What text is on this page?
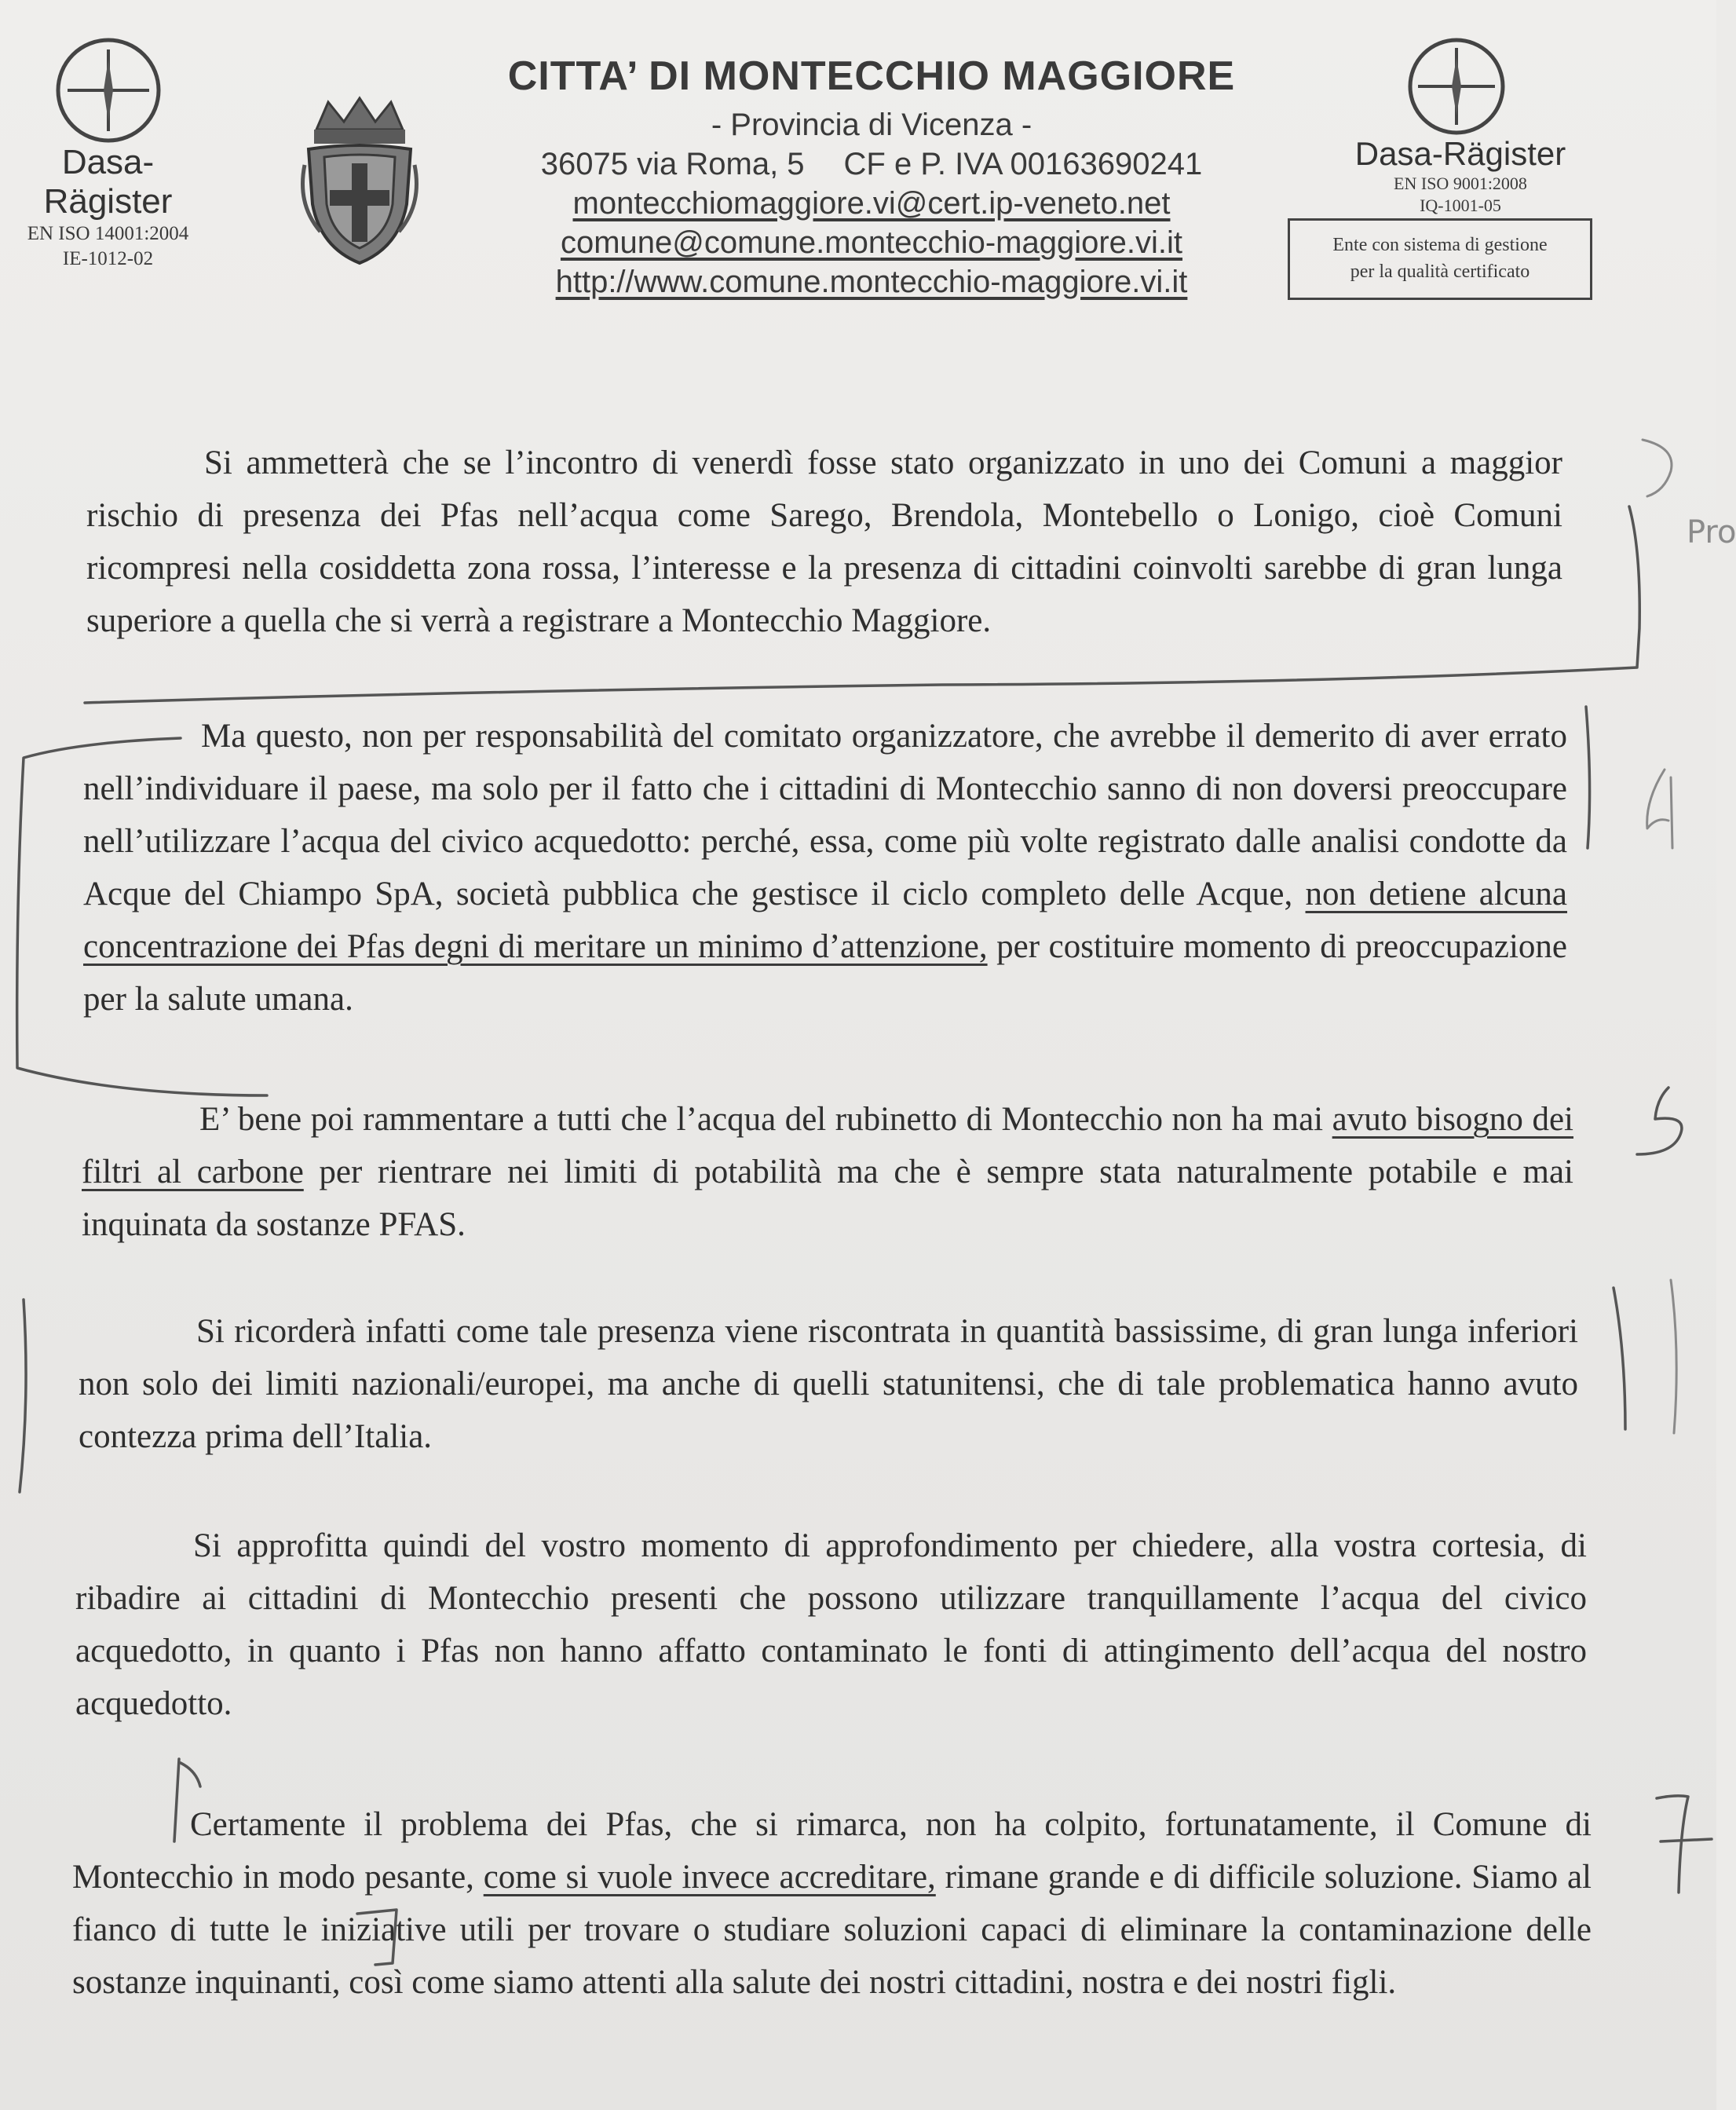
Dasa-Rägister
EN ISO 14001:2004
IE-1012-02
CITTA’ DI MONTECCHIO MAGGIORE
- Provincia di Vicenza -
36075 via Roma, 5 CF e P. IVA 00163690241
montecchiomaggiore.vi@cert.ip-veneto.net
comune@comune.montecchio-maggiore.vi.it
http://www.comune.montecchio-maggiore.vi.it
Dasa-Rägister
EN ISO 9001:2008
IQ-1001-05
Ente con sistema di gestione
per la qualità certificato

Si ammetterà che se l’incontro di venerdì fosse stato organizzato in uno dei Comuni a maggior rischio di presenza dei Pfas nell’acqua come Sarego, Brendola, Montebello o Lonigo, cioè Comuni ricompresi nella cosiddetta zona rossa, l’interesse e la presenza di cittadini coinvolti sarebbe di gran lunga superiore a quella che si verrà a registrare a Montecchio Maggiore.

Ma questo, non per responsabilità del comitato organizzatore, che avrebbe il demerito di aver errato nell’individuare il paese, ma solo per il fatto che i cittadini di Montecchio sanno di non doversi preoccupare nell’utilizzare l’acqua del civico acquedotto: perché, essa, come più volte registrato dalle analisi condotte da Acque del Chiampo SpA, società pubblica che gestisce il ciclo completo delle Acque, non detiene alcuna concentrazione dei Pfas degni di meritare un minimo d’attenzione, per costituire momento di preoccupazione per la salute umana.

E’ bene poi rammentare a tutti che l’acqua del rubinetto di Montecchio non ha mai avuto bisogno dei filtri al carbone per rientrare nei limiti di potabilità ma che è sempre stata naturalmente potabile e mai inquinata da sostanze PFAS.

Si ricorderà infatti come tale presenza viene riscontrata in quantità bassissime, di gran lunga inferiori non solo dei limiti nazionali/europei, ma anche di quelli statunitensi, che di tale problematica hanno avuto contezza prima dell’Italia.

Si approfitta quindi del vostro momento di approfondimento per chiedere, alla vostra cortesia, di ribadire ai cittadini di Montecchio presenti che possono utilizzare tranquillamente l’acqua del civico acquedotto, in quanto i Pfas non hanno affatto contaminato le fonti di attingimento dell’acqua del nostro acquedotto.

Certamente il problema dei Pfas, che si rimarca, non ha colpito, fortunatamente, il Comune di Montecchio in modo pesante, come si vuole invece accreditare, rimane grande e di difficile soluzione. Siamo al fianco di tutte le iniziative utili per trovare o studiare soluzioni capaci di eliminare la contaminazione delle sostanze inquinanti, così come siamo attenti alla salute dei nostri cittadini, nostra e dei nostri figli.

Pro
